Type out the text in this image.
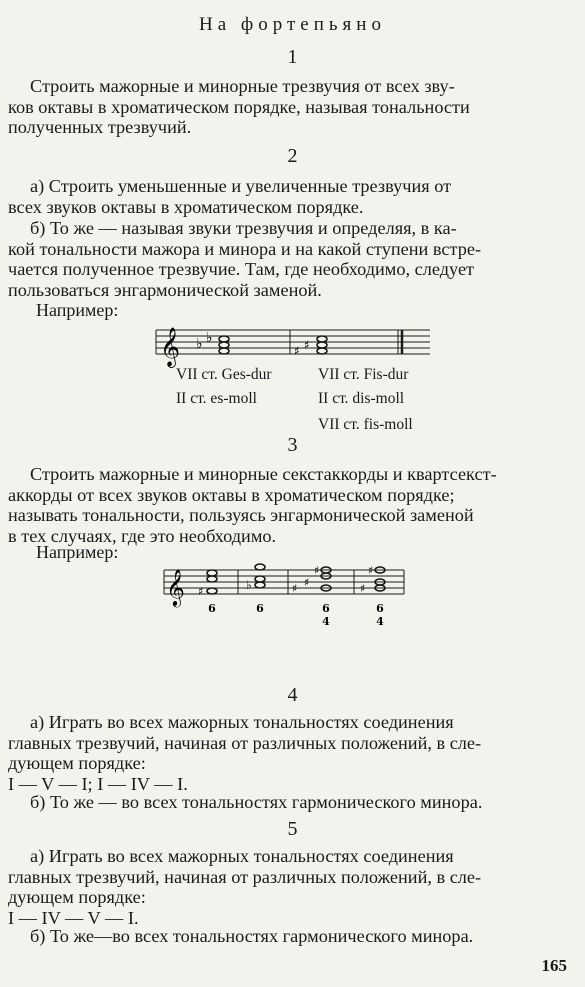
На фортепьяно
1
Строить мажорные и минорные трезвучия от всех зву-
ков октавы в хроматическом порядке, называя тональности
полученных трезвучий.
2
а) Строить уменьшенные и увеличенные трезвучия от
всех звуков октавы в хроматическом порядке.
б) То же — называя звуки трезвучия и определяя, в ка-
кой тональности мажора и минора и на какой ступени встре-
чается полученное трезвучие. Там, где необходимо, следует
пользоваться энгармонической заменой.
Например:
𝄞 ♭ ♭
♯ ♯
VII ст. Ges-dur
II ст. es-moll
VII ст. Fis-dur
II ст. dis-moll
VII ст. fis-moll
3
Строить мажорные и минорные секстаккорды и квартсекст-
аккорды от всех звуков октавы в хроматическом порядке;
называть тональности, пользуясь энгармонической заменой
в тех случаях, где это необходимо.
Например:
𝄞 ♯	♭	♯ ♯
♯
♯
♯
6	6	6
4
6
4
4
а) Играть во всех мажорных тональностях соединения
главных трезвучий, начиная от различных положений, в сле-
дующем порядке:
I — V — I; I — IV — I.
б) То же — во всех тональностях гармонического минора.
5
а) Играть во всех мажорных тональностях соединения
главных трезвучий, начиная от различных положений, в сле-
дующем порядке:
I — IV — V — I.
б) То же—во всех тональностях гармонического минора.
165
